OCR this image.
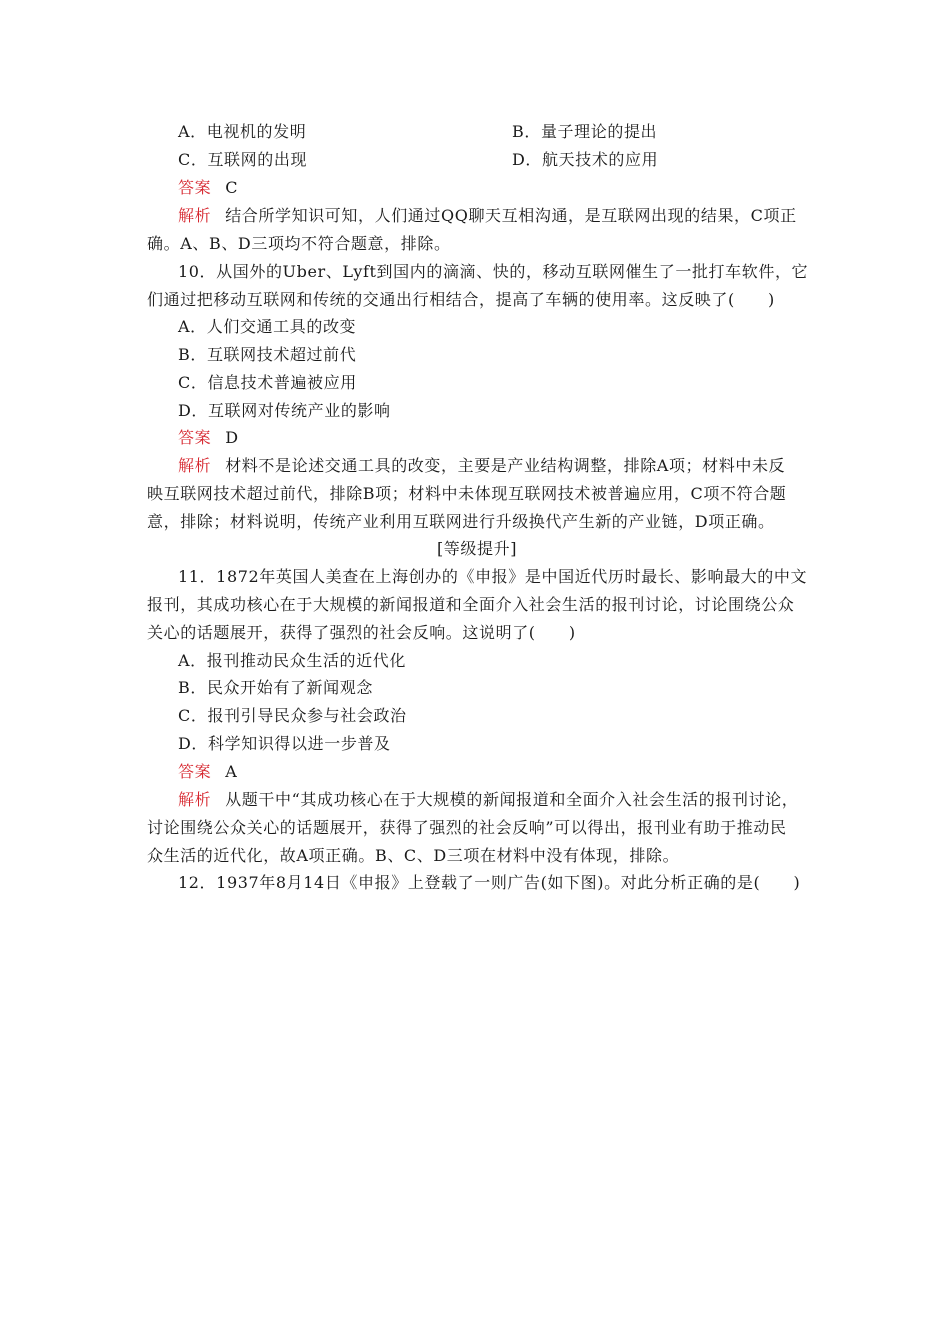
A．电视机的发明	B．量子理论的提出
C．互联网的出现	D．航天技术的应用
答案 C
解析 结合所学知识可知，人们通过QQ聊天互相沟通，是互联网出现的结果，C项正
确。A、B、D三项均不符合题意，排除。
10．从国外的Uber、Lyft到国内的滴滴、快的，移动互联网催生了一批打车软件，它
们通过把移动互联网和传统的交通出行相结合，提高了车辆的使用率。这反映了(　　)
A．人们交通工具的改变
B．互联网技术超过前代
C．信息技术普遍被应用
D．互联网对传统产业的影响
答案 D
解析 材料不是论述交通工具的改变，主要是产业结构调整，排除A项；材料中未反
映互联网技术超过前代，排除B项；材料中未体现互联网技术被普遍应用，C项不符合题
意，排除；材料说明，传统产业利用互联网进行升级换代产生新的产业链，D项正确。
[等级提升]
11．1872年英国人美查在上海创办的《申报》是中国近代历时最长、影响最大的中文
报刊，其成功核心在于大规模的新闻报道和全面介入社会生活的报刊讨论，讨论围绕公众
关心的话题展开，获得了强烈的社会反响。这说明了(　　)
A．报刊推动民众生活的近代化
B．民众开始有了新闻观念
C．报刊引导民众参与社会政治
D．科学知识得以进一步普及
答案 A
解析 从题干中“其成功核心在于大规模的新闻报道和全面介入社会生活的报刊讨论，
讨论围绕公众关心的话题展开，获得了强烈的社会反响”可以得出，报刊业有助于推动民
众生活的近代化，故A项正确。B、C、D三项在材料中没有体现，排除。
12．1937年8月14日《申报》上登载了一则广告(如下图)。对此分析正确的是(　　)
